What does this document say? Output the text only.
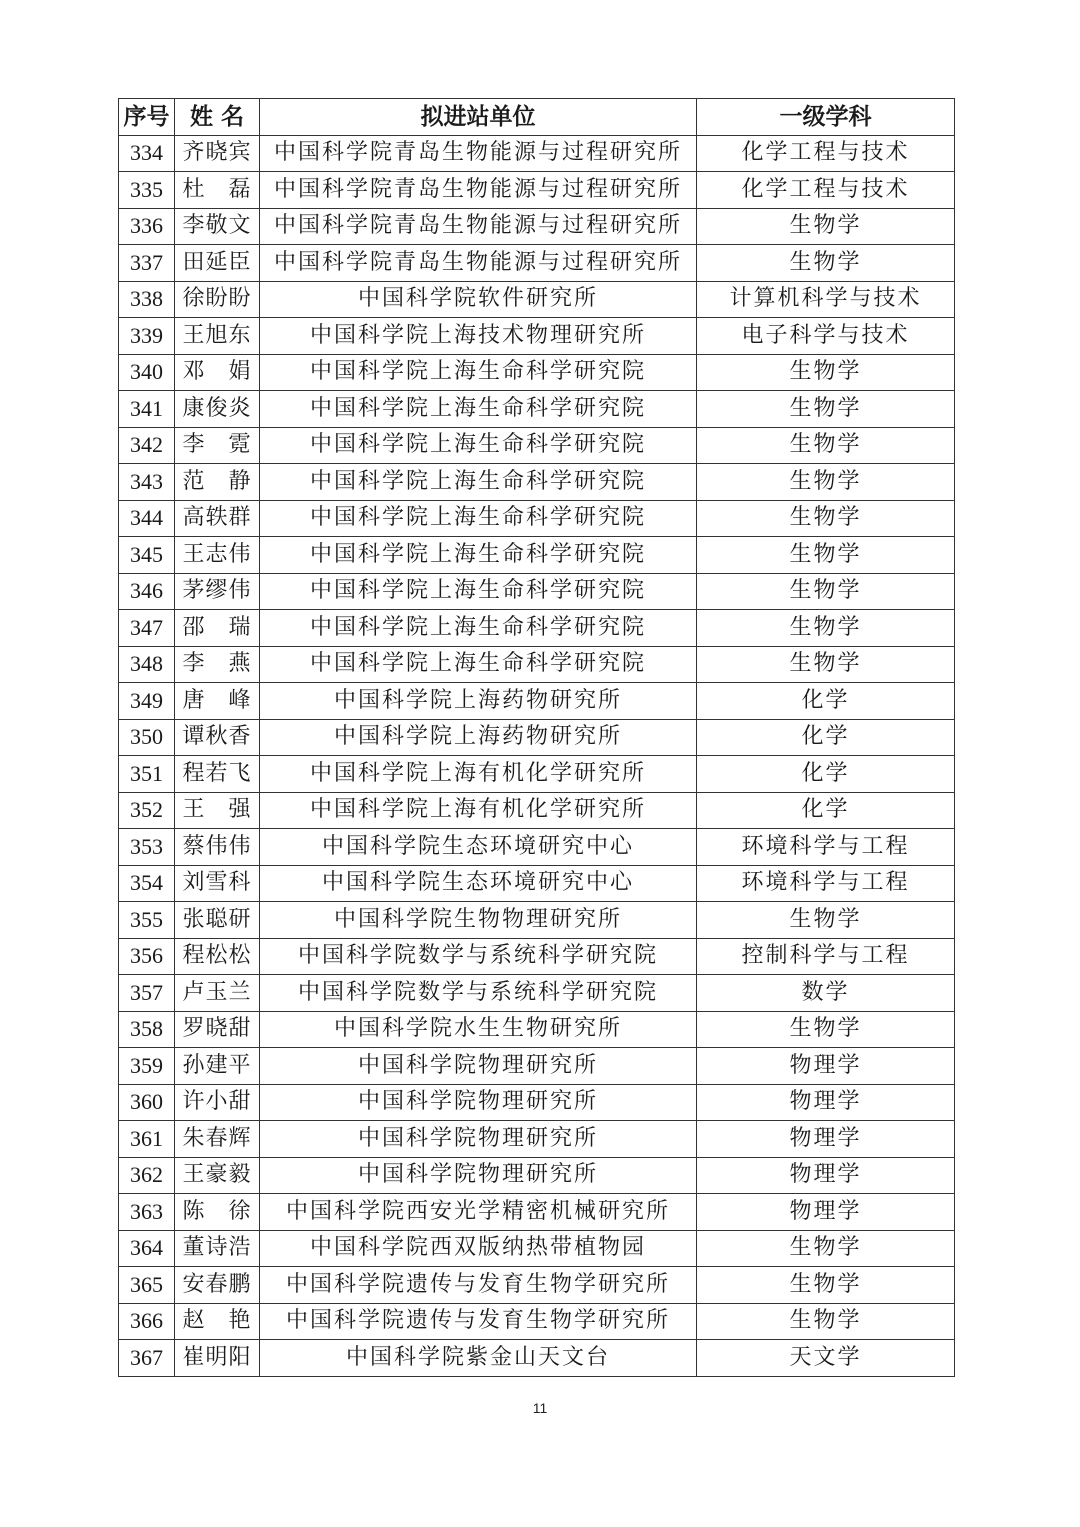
序号	姓 名	拟进站单位	一级学科
334	齐晓宾	中国科学院青岛生物能源与过程研究所	化学工程与技术
335	杜　磊	中国科学院青岛生物能源与过程研究所	化学工程与技术
336	李敬文	中国科学院青岛生物能源与过程研究所	生物学
337	田延臣	中国科学院青岛生物能源与过程研究所	生物学
338	徐盼盼	中国科学院软件研究所	计算机科学与技术
339	王旭东	中国科学院上海技术物理研究所	电子科学与技术
340	邓　娟	中国科学院上海生命科学研究院	生物学
341	康俊炎	中国科学院上海生命科学研究院	生物学
342	李　霓	中国科学院上海生命科学研究院	生物学
343	范　静	中国科学院上海生命科学研究院	生物学
344	高轶群	中国科学院上海生命科学研究院	生物学
345	王志伟	中国科学院上海生命科学研究院	生物学
346	茅缪伟	中国科学院上海生命科学研究院	生物学
347	邵　瑞	中国科学院上海生命科学研究院	生物学
348	李　燕	中国科学院上海生命科学研究院	生物学
349	唐　峰	中国科学院上海药物研究所	化学
350	谭秋香	中国科学院上海药物研究所	化学
351	程若飞	中国科学院上海有机化学研究所	化学
352	王　强	中国科学院上海有机化学研究所	化学
353	蔡伟伟	中国科学院生态环境研究中心	环境科学与工程
354	刘雪科	中国科学院生态环境研究中心	环境科学与工程
355	张聪研	中国科学院生物物理研究所	生物学
356	程松松	中国科学院数学与系统科学研究院	控制科学与工程
357	卢玉兰	中国科学院数学与系统科学研究院	数学
358	罗晓甜	中国科学院水生生物研究所	生物学
359	孙建平	中国科学院物理研究所	物理学
360	许小甜	中国科学院物理研究所	物理学
361	朱春辉	中国科学院物理研究所	物理学
362	王豪毅	中国科学院物理研究所	物理学
363	陈　徐	中国科学院西安光学精密机械研究所	物理学
364	董诗浩	中国科学院西双版纳热带植物园	生物学
365	安春鹏	中国科学院遗传与发育生物学研究所	生物学
366	赵　艳	中国科学院遗传与发育生物学研究所	生物学
367	崔明阳	中国科学院紫金山天文台	天文学
11
